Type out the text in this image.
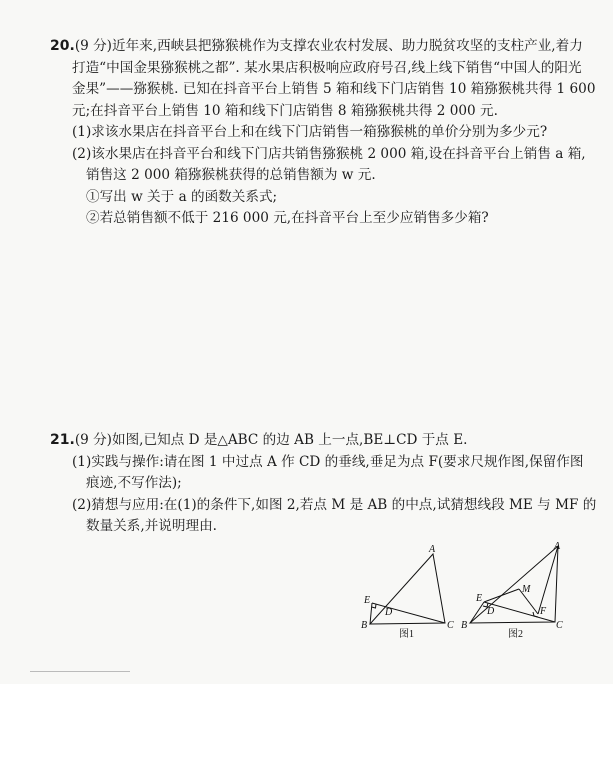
20.(9 分)近年来,西峡县把猕猴桃作为支撑农业农村发展、助力脱贫攻坚的支柱产业,着力

打造“中国金果猕猴桃之都”. 某水果店积极响应政府号召,线上线下销售“中国人的阳光

金果”——猕猴桃. 已知在抖音平台上销售 5 箱和线下门店销售 10 箱猕猴桃共得 1 600

元;在抖音平台上销售 10 箱和线下门店销售 8 箱猕猴桃共得 2 000 元.

(1)求该水果店在抖音平台上和在线下门店销售一箱猕猴桃的单价分别为多少元?

(2)该水果店在抖音平台和线下门店共销售猕猴桃 2 000 箱,设在抖音平台上销售 a 箱,

销售这 2 000 箱猕猴桃获得的总销售额为 w 元.

①写出 w 关于 a 的函数关系式;

②若总销售额不低于 216 000 元,在抖音平台上至少应销售多少箱?

21.(9 分)如图,已知点 D 是△ABC 的边 AB 上一点,BE⊥CD 于点 E.

(1)实践与操作:请在图 1 中过点 A 作 CD 的垂线,垂足为点 F(要求尺规作图,保留作图

痕迹,不写作法);

(2)猜想与应用:在(1)的条件下,如图 2,若点 M 是 AB 的中点,试猜想线段 ME 与 MF 的

数量关系,并说明理由.

A
B	C
D
E
图1
A
B	C
D
E
M
F
图2
